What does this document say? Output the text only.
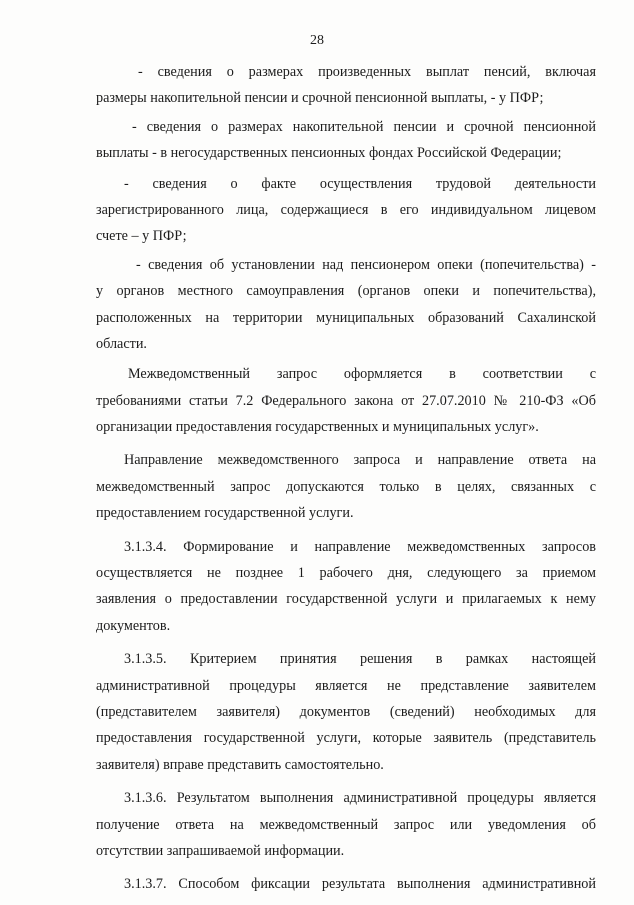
28
- сведения о размерах произведенных выплат пенсий, включая
размеры накопительной пенсии и срочной пенсионной выплаты, - у ПФР;
- сведения о размерах накопительной пенсии и срочной пенсионной
выплаты - в негосударственных пенсионных фондах Российской Федерации;
- сведения о факте осуществления трудовой деятельности
зарегистрированного лица, содержащиеся в его индивидуальном лицевом
счете – у ПФР;
- сведения об установлении над пенсионером опеки (попечительства) -
у органов местного самоуправления (органов опеки и попечительства),
расположенных на территории муниципальных образований Сахалинской
области.
Межведомственный запрос оформляется в соответствии с
требованиями статьи 7.2 Федерального закона от 27.07.2010 № 210-ФЗ «Об
организации предоставления государственных и муниципальных услуг».
Направление межведомственного запроса и направление ответа на
межведомственный запрос допускаются только в целях, связанных с
предоставлением государственной услуги.
3.1.3.4. Формирование и направление межведомственных запросов
осуществляется не позднее 1 рабочего дня, следующего за приемом
заявления о предоставлении государственной услуги и прилагаемых к нему
документов.
3.1.3.5. Критерием принятия решения в рамках настоящей
административной процедуры является не представление заявителем
(представителем заявителя) документов (сведений) необходимых для
предоставления государственной услуги, которые заявитель (представитель
заявителя) вправе представить самостоятельно.
3.1.3.6. Результатом выполнения административной процедуры является
получение ответа на межведомственный запрос или уведомления об
отсутствии запрашиваемой информации.
3.1.3.7. Способом фиксации результата выполнения административной
